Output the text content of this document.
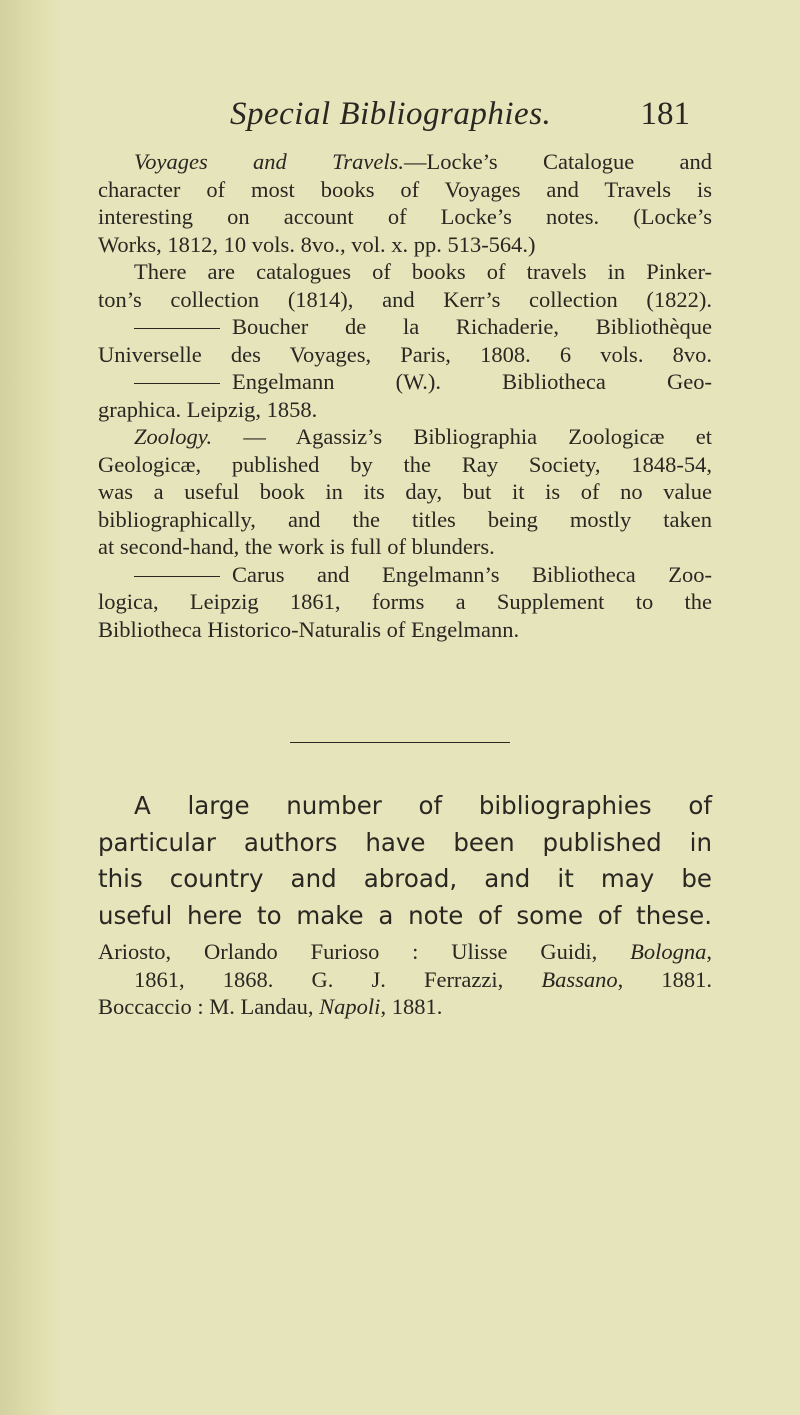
Special Bibliographies.	181
Voyages and Travels.—Locke’s Catalogue and
character of most books of Voyages and Travels is
interesting on account of Locke’s notes. (Locke’s
Works, 1812, 10 vols. 8vo., vol. x. pp. 513-564.)
There are catalogues of books of travels in Pinker-
ton’s collection (1814), and Kerr’s collection (1822).
Boucher de la Richaderie, Bibliothèque
Universelle des Voyages, Paris, 1808. 6 vols. 8vo.
Engelmann (W.). Bibliotheca Geo-
graphica. Leipzig, 1858.
Zoology. — Agassiz’s Bibliographia Zoologicæ et
Geologicæ, published by the Ray Society, 1848-54,
was a useful book in its day, but it is of no value
bibliographically, and the titles being mostly taken
at second-hand, the work is full of blunders.
Carus and Engelmann’s Bibliotheca Zoo-
logica, Leipzig 1861, forms a Supplement to the
Bibliotheca Historico-Naturalis of Engelmann.
A large number of bibliographies of
particular authors have been published in
this country and abroad, and it may be
useful here to make a note of some of these.
Ariosto, Orlando Furioso : Ulisse Guidi, Bologna,
1861, 1868. G. J. Ferrazzi, Bassano, 1881.
Boccaccio : M. Landau, Napoli, 1881.
